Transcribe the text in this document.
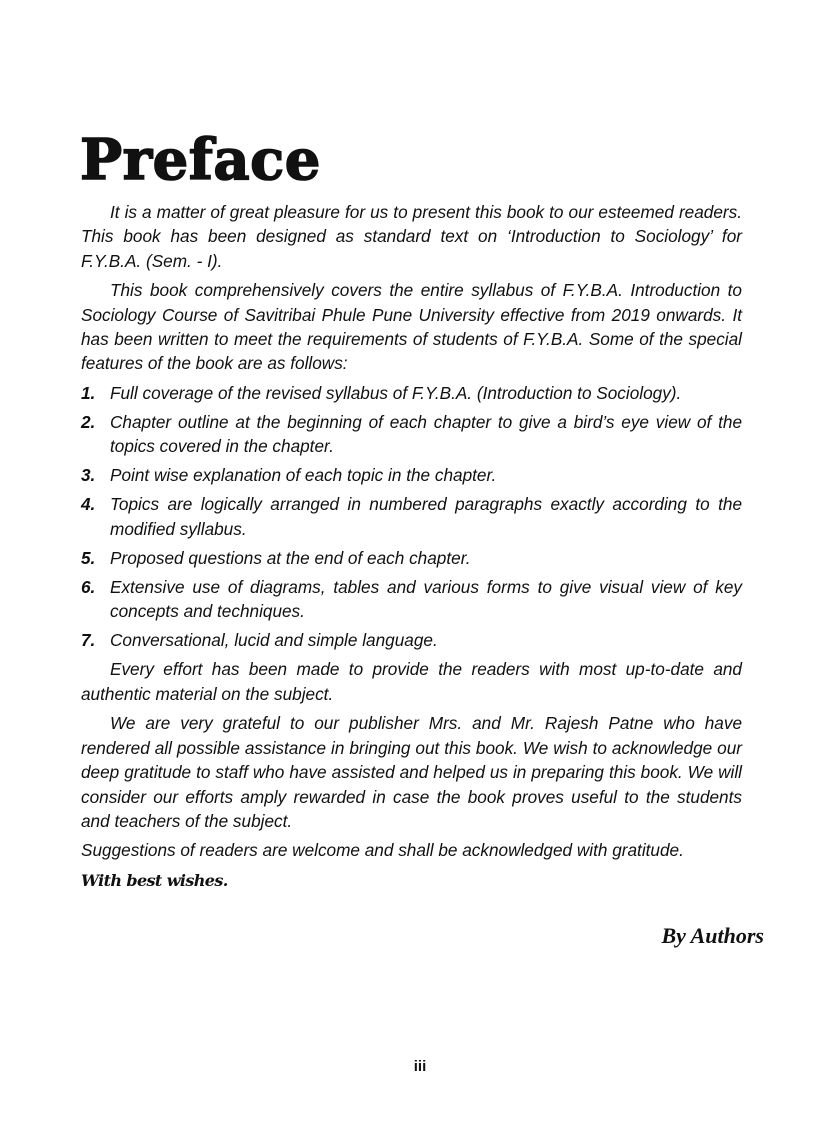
Preface

It is a matter of great pleasure for us to present this book to our esteemed readers. This book has been designed as standard text on ‘Introduction to Sociology’ for F.Y.B.A. (Sem. - I).

This book comprehensively covers the entire syllabus of F.Y.B.A. Introduction to Sociology Course of Savitribai Phule Pune University effective from 2019 onwards. It has been written to meet the requirements of students of F.Y.B.A. Some of the special features of the book are as follows:

1. Full coverage of the revised syllabus of F.Y.B.A. (Introduction to Sociology).
2. Chapter outline at the beginning of each chapter to give a bird’s eye view of the topics covered in the chapter.
3. Point wise explanation of each topic in the chapter.
4. Topics are logically arranged in numbered paragraphs exactly according to the modified syllabus.
5. Proposed questions at the end of each chapter.
6. Extensive use of diagrams, tables and various forms to give visual view of key concepts and techniques.
7. Conversational, lucid and simple language.

Every effort has been made to provide the readers with most up-to-date and authentic material on the subject.

We are very grateful to our publisher Mrs. and Mr. Rajesh Patne who have rendered all possible assistance in bringing out this book. We wish to acknowledge our deep gratitude to staff who have assisted and helped us in preparing this book. We will consider our efforts amply rewarded in case the book proves useful to the students and teachers of the subject.

Suggestions of readers are welcome and shall be acknowledged with gratitude.

With best wishes.

By Authors
iii
